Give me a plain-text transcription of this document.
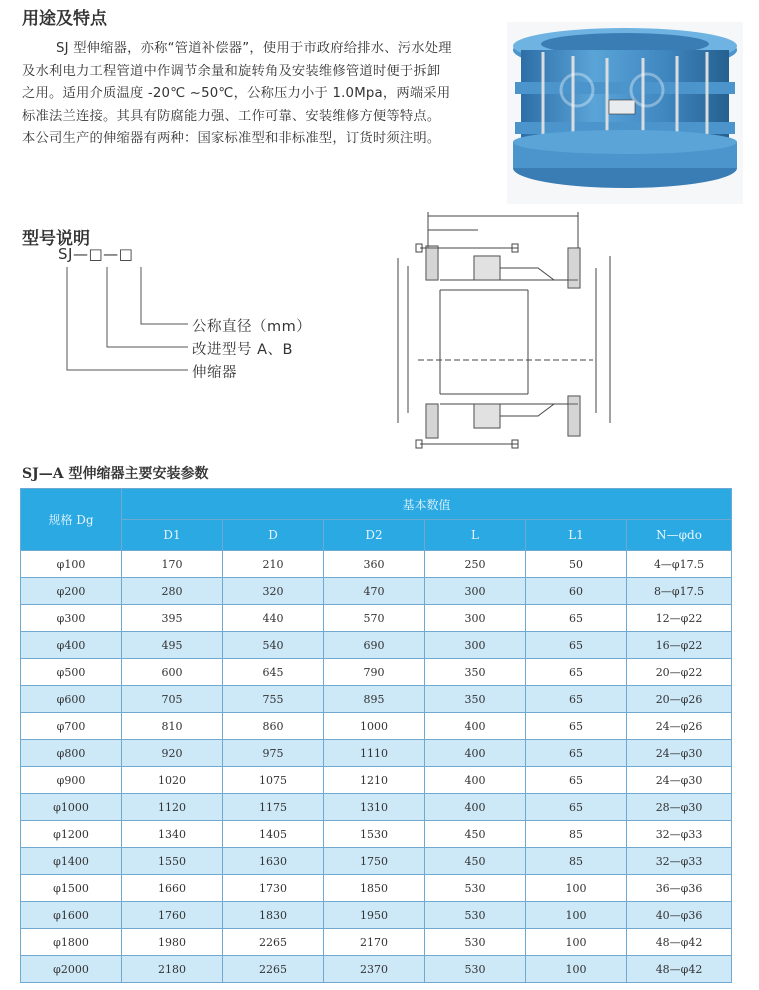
用途及特点

SJ 型伸缩器，亦称“管道补偿器”，使用于市政府给排水、污水处理及水利电力工程管道中作调节余量和旋转角及安装维修管道时便于拆卸之用。适用介质温度 -20℃ ~50℃，公称压力小于 1.0Mpa，两端采用标准法兰连接。其具有防腐能力强、工作可靠、安装维修方便等特点。本公司生产的伸缩器有两种：国家标准型和非标准型，订货时须注明。

型号说明
SJ—□—□
公称直径（mm）
改进型号 A、B
伸缩器
SJ—A 型伸缩器主要安装参数
规格 Dg	基本数值					
	D1	D	D2	L	L1	N—φdo
φ100	170	210	360	250	50	4—φ17.5
φ200	280	320	470	300	60	8—φ17.5
φ300	395	440	570	300	65	12—φ22
φ400	495	540	690	300	65	16—φ22
φ500	600	645	790	350	65	20—φ22
φ600	705	755	895	350	65	20—φ26
φ700	810	860	1000	400	65	24—φ26
φ800	920	975	1110	400	65	24—φ30
φ900	1020	1075	1210	400	65	24—φ30
φ1000	1120	1175	1310	400	65	28—φ30
φ1200	1340	1405	1530	450	85	32—φ33
φ1400	1550	1630	1750	450	85	32—φ33
φ1500	1660	1730	1850	530	100	36—φ36
φ1600	1760	1830	1950	530	100	40—φ36
φ1800	1980	2265	2170	530	100	48—φ42
φ2000	2180	2265	2370	530	100	48—φ42
